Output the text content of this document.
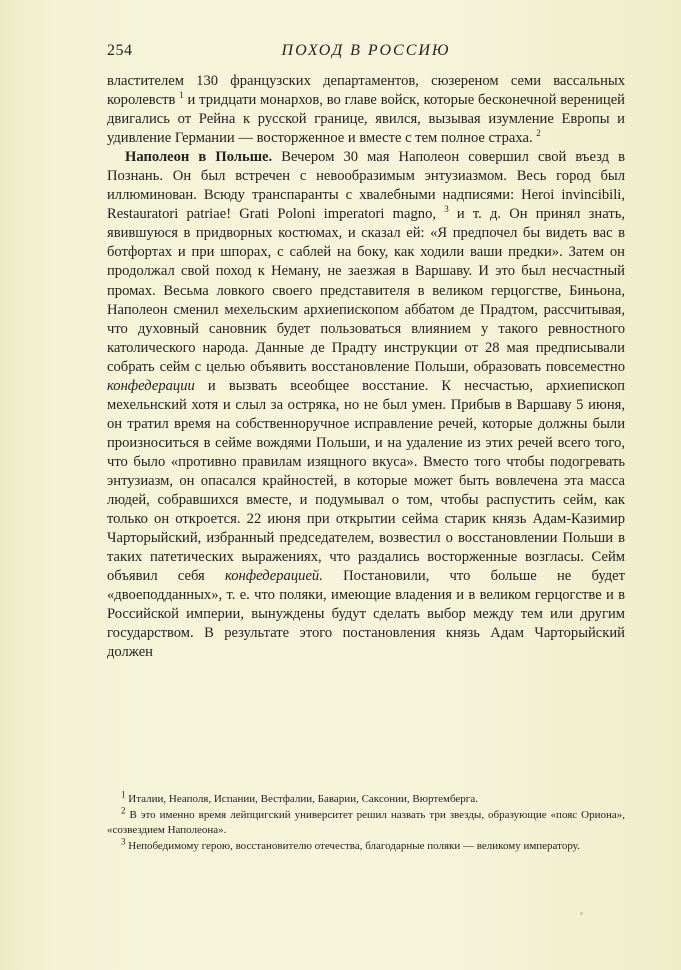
254	ПОХОД В РОССИЮ

властителем 130 французских департаментов, сюзереном семи вассальных королевств $^1$ и тридцати монархов, во главе войск, которые бесконечной вереницей двигались от Рейна к русской границе, явился, вызывая изумление Европы и удивление Германии — восторженное и вместе с тем полное страха. $^2$

Наполеон в Польше. Вечером 30 мая Наполеон совершил свой въезд в Познань. Он был встречен с невообразимым энтузиазмом. Весь город был иллюминован. Всюду транспаранты с хвалебными надписями: Heroi invincibili, Restauratori patriae! Grati Poloni imperatori magno, $^3$ и т. д. Он принял знать, явившуюся в придворных костюмах, и сказал ей: «Я предпочел бы видеть вас в ботфортах и при шпорах, с саблей на боку, как ходили ваши предки». Затем он продолжал свой поход к Неману, не заезжая в Варшаву. И это был несчастный промах. Весьма ловкого своего представителя в великом герцогстве, Биньона, Наполеон сменил мехельским архиепископом аббатом де Прадтом, рассчитывая, что духовный сановник будет пользоваться влиянием у такого ревностного католического народа. Данные де Прадту инструкции от 28 мая предписывали собрать сейм с целью объявить восстановление Польши, образовать повсеместно конфедерации и вызвать всеобщее восстание. К несчастью, архиепископ мехельнский хотя и слыл за остряка, но не был умен. Прибыв в Варшаву 5 июня, он тратил время на собственноручное исправление речей, которые должны были произноситься в сейме вождями Польши, и на удаление из этих речей всего того, что было «противно правилам изящного вкуса». Вместо того чтобы подогревать энтузиазм, он опасался крайностей, в которые может быть вовлечена эта масса людей, собравшихся вместе, и подумывал о том, чтобы распустить сейм, как только он откроется. 22 июня при открытии сейма старик князь Адам-Казимир Чарторыйский, избранный председателем, возвестил о восстановлении Польши в таких патетических выражениях, что раздались восторженные возгласы. Сейм объявил себя конфедерацией. Постановили, что больше не будет «двоеподданных», т. е. что поляки, имеющие владения и в великом герцогстве и в Российской империи, вынуждены будут сделать выбор между тем или другим государством. В результате этого постановления князь Адам Чарторыйский должен

$^1$ Италии, Неаполя, Испании, Вестфалии, Баварии, Саксонии, Вюртемберга.

$^2$ В это именно время лейпцигский университет решил назвать три звезды, образующие «пояс Ориона», «созвездием Наполеона».

$^3$ Непобедимому герою, восстановителю отечества, благодарные поляки — великому императору.
